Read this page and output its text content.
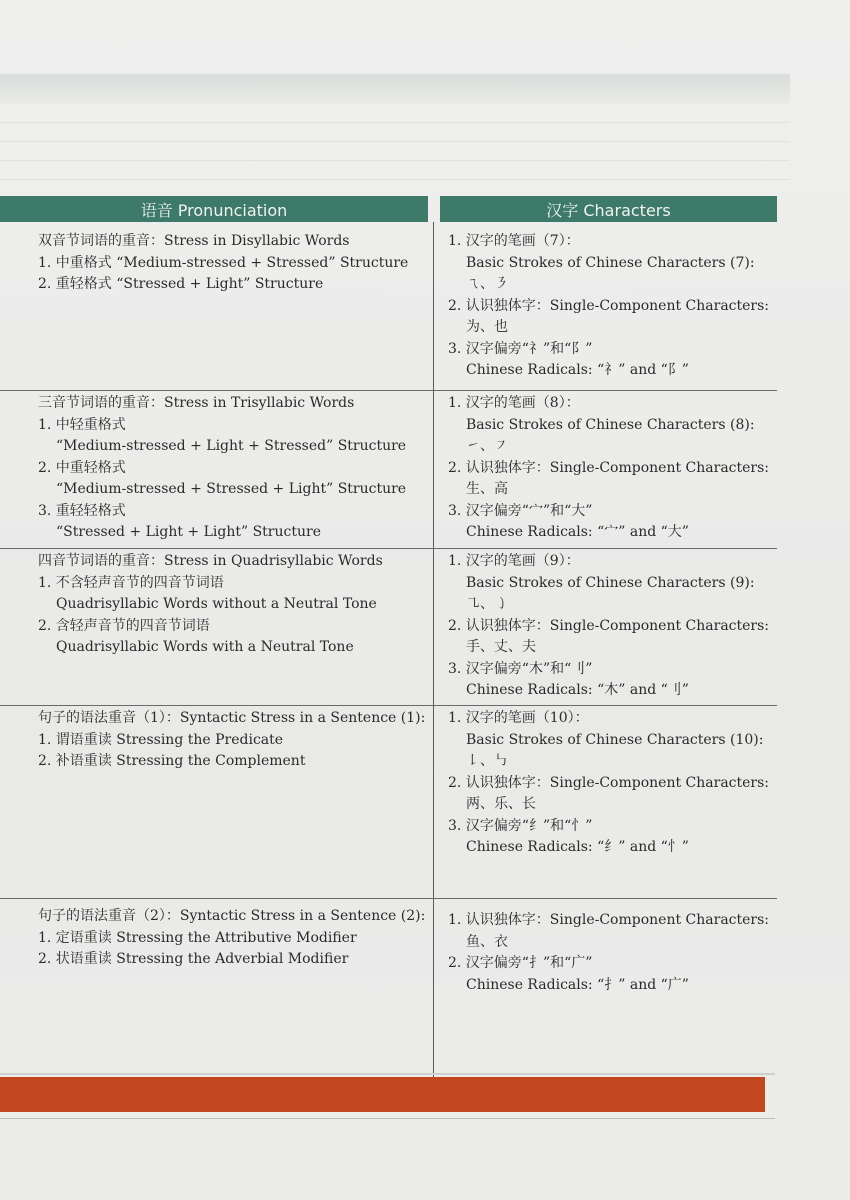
语音 Pronunciation	汉字 Characters
双音节词语的重音：Stress in Disyllabic Words
1. 中重格式 “Medium-stressed + Stressed” Structure
2. 重轻格式 “Stressed + Light” Structure
1. 汉字的笔画（7）：
Basic Strokes of Chinese Characters (7):
ㄟ、㇋
2. 认识独体字：Single-Component Characters:
为、也
3. 汉字偏旁“礻”和“阝”
Chinese Radicals: “礻” and “阝”
三音节词语的重音：Stress in Trisyllabic Words
1. 中轻重格式
“Medium-stressed + Light + Stressed” Structure
2. 中重轻格式
“Medium-stressed + Stressed + Light” Structure
3. 重轻轻格式
“Stressed + Light + Light” Structure
1. 汉字的笔画（8）：
Basic Strokes of Chinese Characters (8):
㇀、㇇
2. 认识独体字：Single-Component Characters:
生、高
3. 汉字偏旁“宀”和“大”
Chinese Radicals: “宀” and “大”
四音节词语的重音：Stress in Quadrisyllabic Words
1. 不含轻声音节的四音节词语
Quadrisyllabic Words without a Neutral Tone
2. 含轻声音节的四音节词语
Quadrisyllabic Words with a Neutral Tone
1. 汉字的笔画（9）：
Basic Strokes of Chinese Characters (9):
㇈、㇁
2. 认识独体字：Single-Component Characters:
手、丈、夫
3. 汉字偏旁“木”和“刂”
Chinese Radicals: “木” and “刂”
句子的语法重音（1）：Syntactic Stress in a Sentence (1):
1. 谓语重读 Stressing the Predicate
2. 补语重读 Stressing the Complement
1. 汉字的笔画（10）：
Basic Strokes of Chinese Characters (10):
㇙、㇉
2. 认识独体字：Single-Component Characters:
两、乐、长
3. 汉字偏旁“纟”和“忄”
Chinese Radicals: “纟” and “忄”
句子的语法重音（2）：Syntactic Stress in a Sentence (2):
1. 定语重读 Stressing the Attributive Modifier
2. 状语重读 Stressing the Adverbial Modifier
1. 认识独体字：Single-Component Characters:
鱼、衣
2. 汉字偏旁“扌”和“广”
Chinese Radicals: “扌” and “广”
